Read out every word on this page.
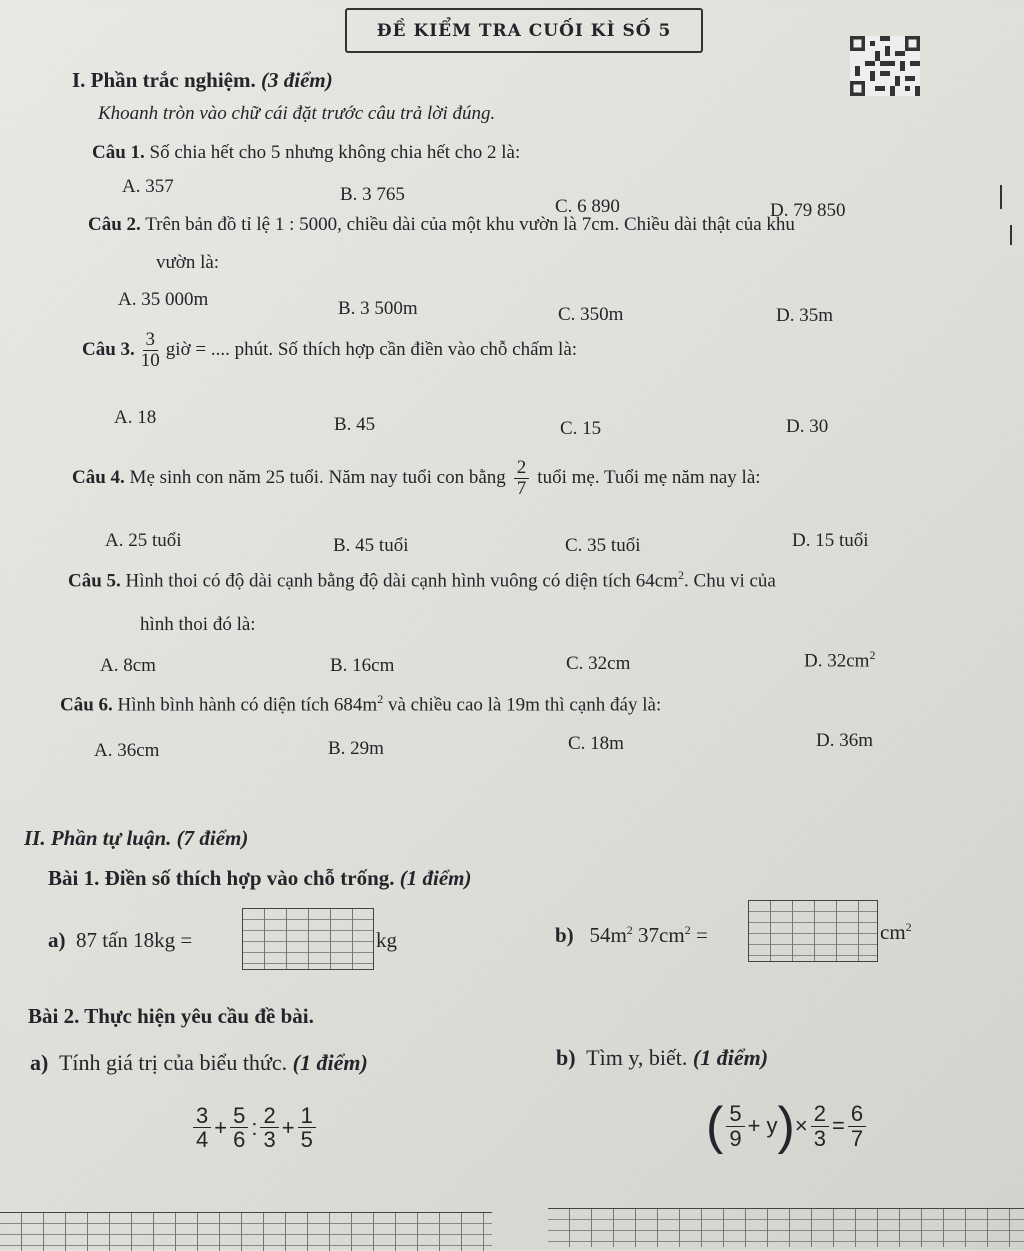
ĐỀ KIỂM TRA CUỐI KÌ SỐ 5
I. Phần trắc nghiệm. (3 điểm)
Khoanh tròn vào chữ cái đặt trước câu trả lời đúng.
Câu 1. Số chia hết cho 5 nhưng không chia hết cho 2 là:
A. 357	B. 3 765
C. 6 890	D. 79 850
Câu 2. Trên bản đồ tỉ lệ 1 : 5000, chiều dài của một khu vườn là 7cm. Chiều dài thật của khu
vườn là:
A. 35 000m	B. 3 500m	C. 350m	D. 35m
Câu 3. $\frac{3}{10}$ giờ = .... phút. Số thích hợp cần điền vào chỗ chấm là:
A. 18	B. 45	C. 15	D. 30
Câu 4.
Mẹ sinh con năm 25 tuổi. Năm nay tuổi con bằng $\frac{2}{7}$ tuổi mẹ. Tuổi mẹ năm nay là:
A. 25 tuổi	B. 45 tuổi	C. 35 tuổi	D. 15 tuổi
Câu 5. Hình thoi có độ dài cạnh bằng độ dài cạnh hình vuông có diện tích $64cm^2$. Chu vi của
hình thoi đó là:
A. 8cm	B. 16cm	C. 32cm	D. $32cm^2$
Câu 6. Hình bình hành có diện tích $684m^2$ và chiều cao là 19m thì cạnh đáy là:
A. 36cm	B. 29m	C. 18m	D. 36m
II. Phần tự luận. (7 điểm)
Bài 1. Điền số thích hợp vào chỗ trống. (1 điểm)
a) 87 tấn 18kg =	kg	b) $54m^2$ $37cm^2$ =	$cm^2$
Bài 2. Thực hiện yêu cầu đề bài.
a) Tính giá trị của biểu thức. (1 điểm)	b) Tìm y, biết. (1 điểm)
$\frac{3}{4} + \frac{5}{6}$ : $\frac{2}{3} + \frac{1}{5}$	( $\frac{5}{9} + y$ ) × $\frac{2}{3} = \frac{6}{7}$
